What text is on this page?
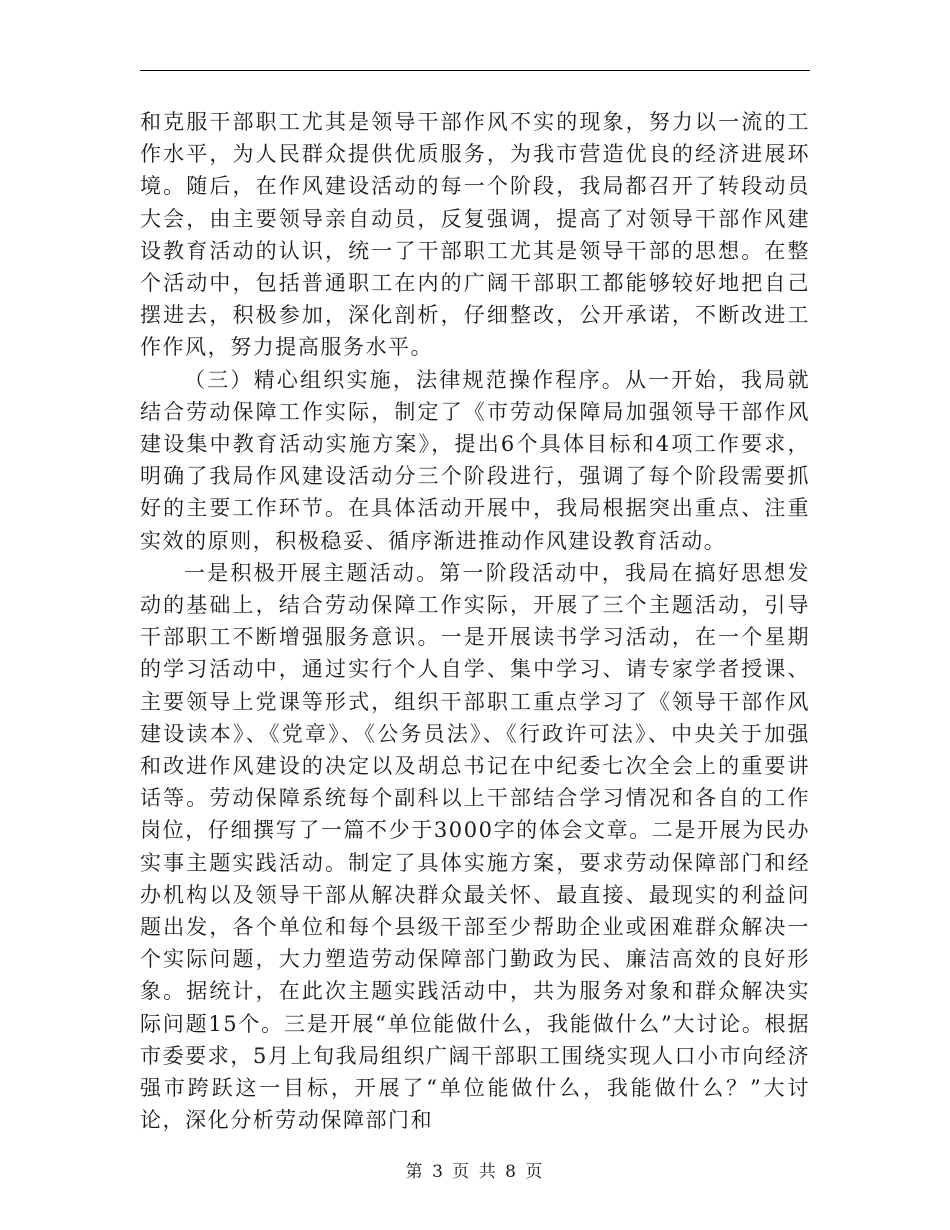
和克服干部职工尤其是领导干部作风不实的现象，努力以一流的工作水平，为人民群众提供优质服务，为我市营造优良的经济进展环境。随后，在作风建设活动的每一个阶段，我局都召开了转段动员大会，由主要领导亲自动员，反复强调，提高了对领导干部作风建设教育活动的认识，统一了干部职工尤其是领导干部的思想。在整个活动中，包括普通职工在内的广阔干部职工都能够较好地把自己摆进去，积极参加，深化剖析，仔细整改，公开承诺，不断改进工作作风，努力提高服务水平。

（三）精心组织实施，法律规范操作程序。从一开始，我局就结合劳动保障工作实际，制定了《市劳动保障局加强领导干部作风建设集中教育活动实施方案》，提出6个具体目标和4项工作要求，明确了我局作风建设活动分三个阶段进行，强调了每个阶段需要抓好的主要工作环节。在具体活动开展中，我局根据突出重点、注重实效的原则，积极稳妥、循序渐进推动作风建设教育活动。

一是积极开展主题活动。第一阶段活动中，我局在搞好思想发动的基础上，结合劳动保障工作实际，开展了三个主题活动，引导干部职工不断增强服务意识。一是开展读书学习活动，在一个星期的学习活动中，通过实行个人自学、集中学习、请专家学者授课、主要领导上党课等形式，组织干部职工重点学习了《领导干部作风建设读本》、《党章》、《公务员法》、《行政许可法》、中央关于加强和改进作风建设的决定以及胡总书记在中纪委七次全会上的重要讲话等。劳动保障系统每个副科以上干部结合学习情况和各自的工作岗位，仔细撰写了一篇不少于3000字的体会文章。二是开展为民办实事主题实践活动。制定了具体实施方案，要求劳动保障部门和经办机构以及领导干部从解决群众最关怀、最直接、最现实的利益问题出发，各个单位和每个县级干部至少帮助企业或困难群众解决一个实际问题，大力塑造劳动保障部门勤政为民、廉洁高效的良好形象。据统计，在此次主题实践活动中，共为服务对象和群众解决实际问题15个。三是开展“单位能做什么，我能做什么”大讨论。根据市委要求，5月上旬我局组织广阔干部职工围绕实现人口小市向经济强市跨跃这一目标，开展了“单位能做什么，我能做什么？”大讨论，深化分析劳动保障部门和

第 3 页 共 8 页
